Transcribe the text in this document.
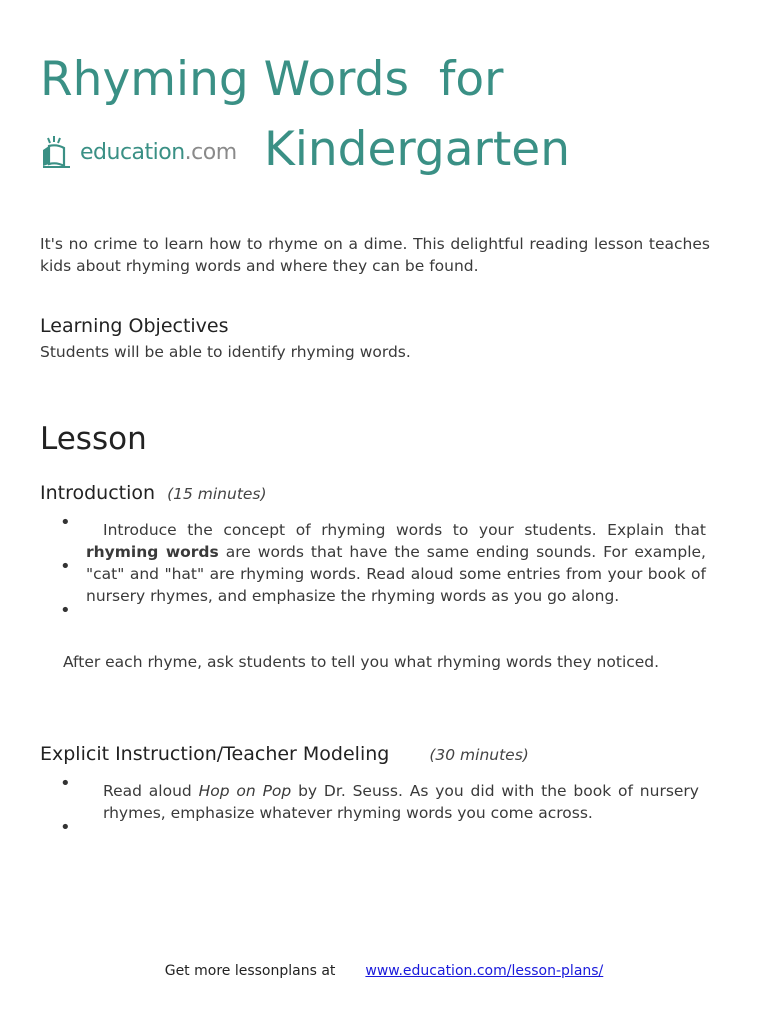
Rhyming Words  for
education.com Kindergarten
It's no crime to learn how to rhyme on a dime. This delightful reading lesson teaches kids about rhyming words and where they can be found.
Learning Objectives
Students will be able to identify rhyming words.
Lesson
Introduction (15 minutes)
•
•
•
Introduce the concept of rhyming words to your students. Explain that rhyming words are words that have the same ending sounds. For example, "cat" and "hat" are rhyming words. Read aloud some entries from your book of nursery rhymes, and emphasize the rhyming words as you go along.
After each rhyme, ask students to tell you what rhyming words they noticed.
Explicit Instruction/Teacher Modeling	(30 minutes)
•
•
Read aloud Hop on Pop by Dr. Seuss. As you did with the book of nursery rhymes, emphasize whatever rhyming words you come across.
Get more lessonplans at www.education.com/lesson-plans/
